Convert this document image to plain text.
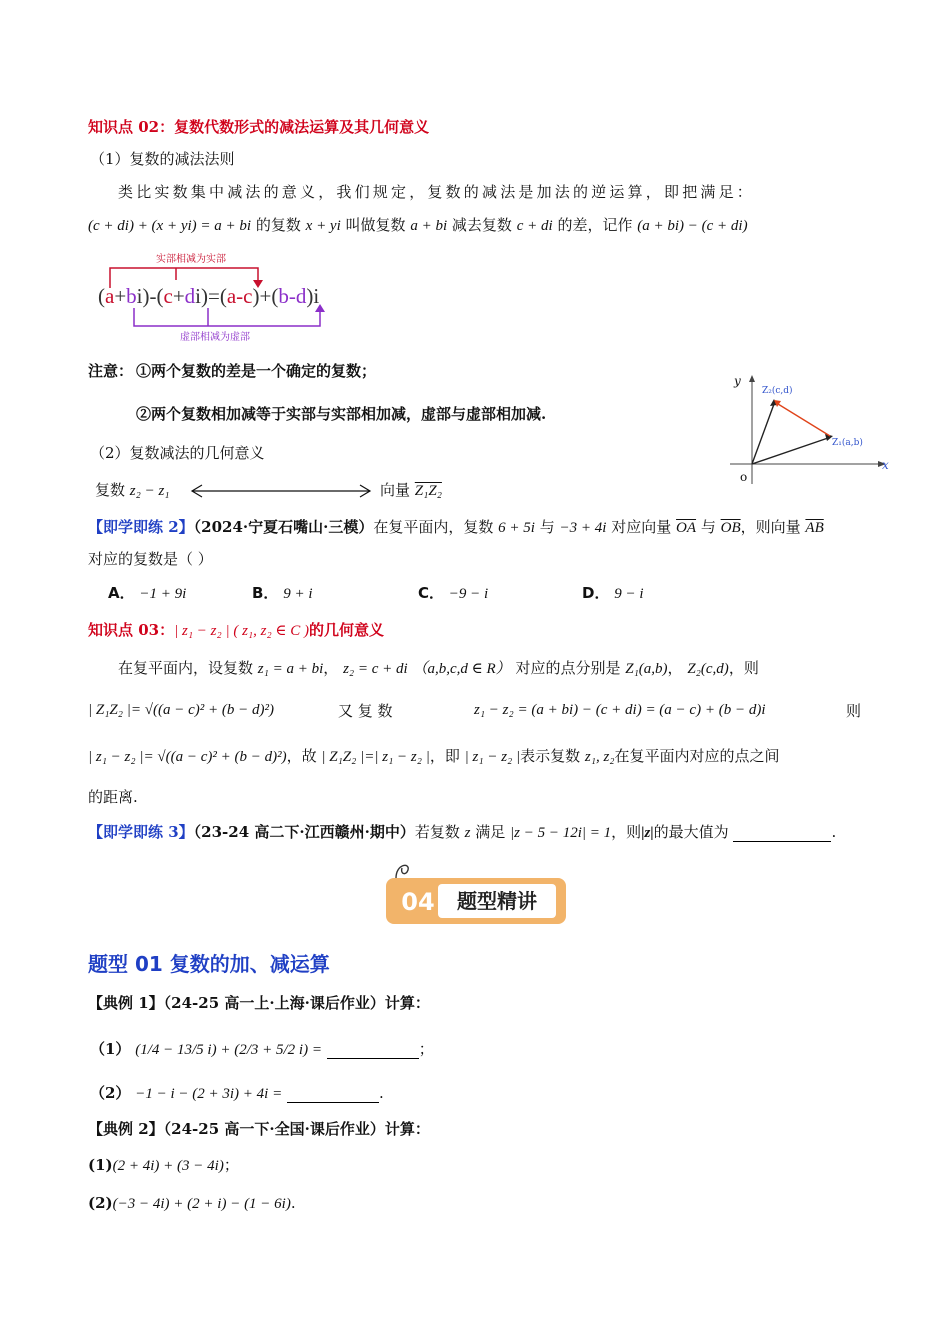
知识点 02：复数代数形式的减法运算及其几何意义
（1）复数的减法法则
类比实数集中减法的意义，我们规定，复数的减法是加法的逆运算，即把满足：
(c + di) + (x + yi) = a + bi 的复数 x + yi 叫做复数 a + bi 减去复数 c + di 的差，记作 (a + bi) − (c + di)
实部相减为实部
虚部相减为虚部
(a+bi)-(c+di)=(a-c)+(b-d)i
注意： ①两个复数的差是一个确定的复数；
②两个复数相加减等于实部与实部相加减，虚部与虚部相加减.
y
x
o
Z₂(c,d)
Z₁(a,b)
（2）复数减法的几何意义
复数 z₂ − z₁	向量 Z₁Z₂
【即学即练 2】（2024·宁夏石嘴山·三模）在复平面内，复数 6 + 5i 与 −3 + 4i 对应向量 $\overline{OA}$ 与 $\overline{OB}$，则向量 $\overline{AB}$
对应的复数是（ ）
A． −1 + 9i	B． 9 + i	C． −9 − i	D． 9 − i
知识点 03：| z₁ − z₂ | ( z₁, z₂ ∈ C )的几何意义
在复平面内，设复数 z₁ = a + bi， z₂ = c + di （a,b,c,d ∈ R） 对应的点分别是 Z₁(a,b)， Z₂(c,d)，则
| Z₁Z₂ |= √((a − c)² + (b − d)²)	又 复 数	z₁ − z₂ = (a + bi) − (c + di) = (a − c) + (b − d)i	则
| z₁ − z₂ |= √((a − c)² + (b − d)²)，故 | Z₁Z₂ |=| z₁ − z₂ |，即 | z₁ − z₂ |表示复数 z₁, z₂在复平面内对应的点之间
的距离.
【即学即练 3】（23-24 高二下·江西赣州·期中）若复数 z 满足 |z − 5 − 12i| = 1，则|z|的最大值为	.
04	题型精讲
题型 01 复数的加、减运算
【典例 1】（24-25 高一上·上海·课后作业）计算：
（1） (1/4 − 13/5 i) + (2/3 + 5/2 i) =	；
（2） −1 − i − (2 + 3i) + 4i =	.
【典例 2】（24-25 高一下·全国·课后作业）计算：
(1)(2 + 4i) + (3 − 4i)；
(2)(−3 − 4i) + (2 + i) − (1 − 6i).
